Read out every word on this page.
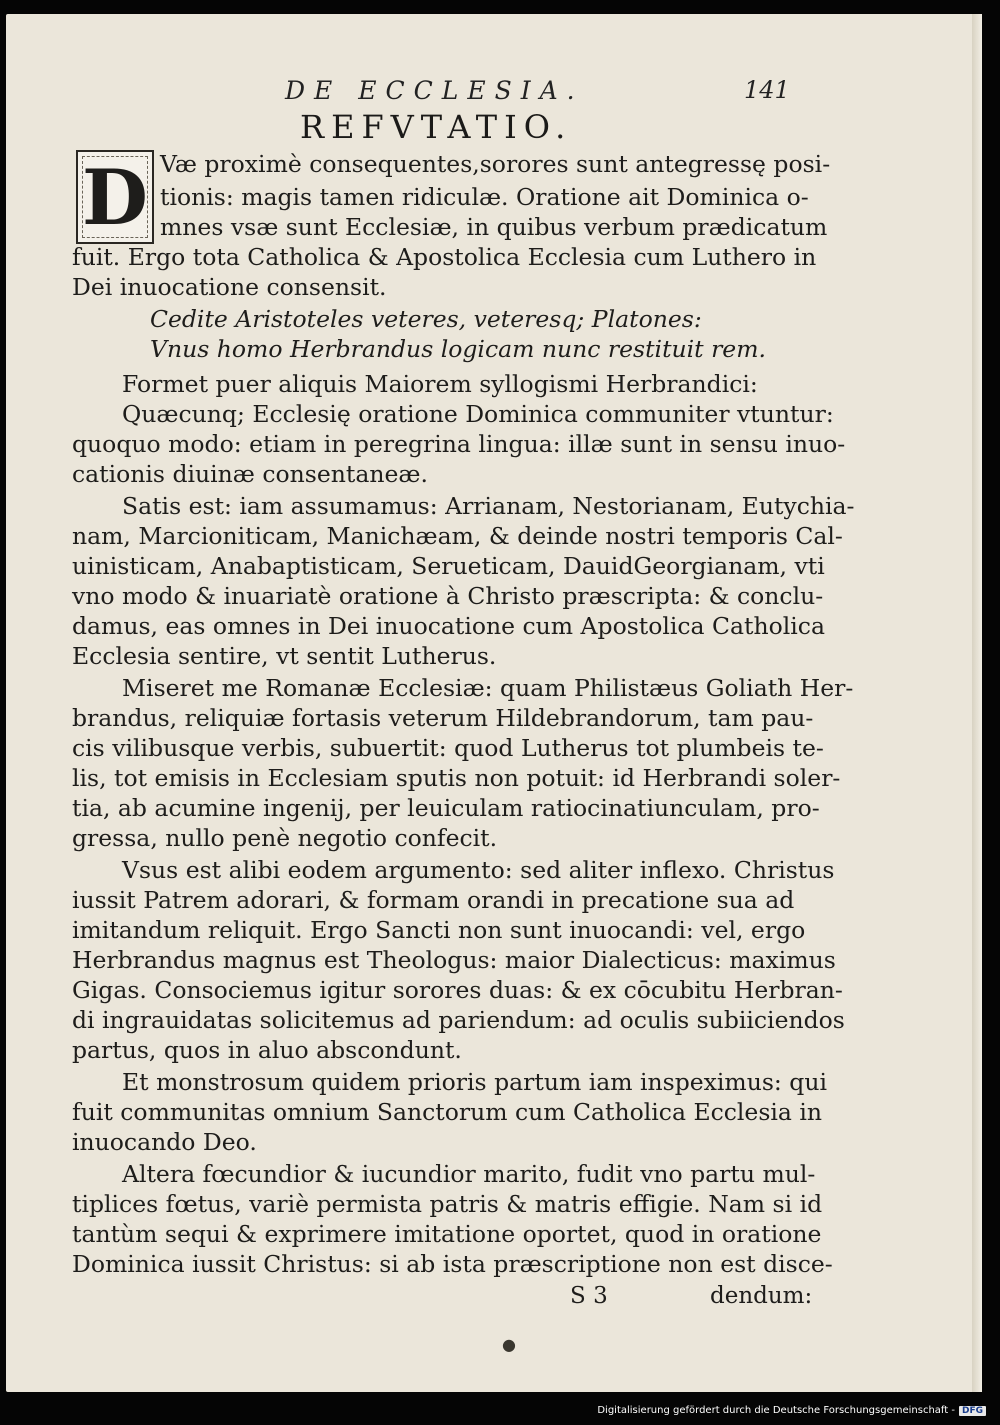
DE ECCLESIA.	141
REFVTATIO.
D Væ proximè consequentes,sorores sunt antegressę posi-
tionis: magis tamen ridiculæ. Oratione ait Dominica o-
mnes vsæ sunt Ecclesiæ, in quibus verbum prædicatum
fuit. Ergo tota Catholica & Apostolica Ecclesia cum Luthero in
Dei inuocatione consensit.
Cedite Aristoteles veteres, veteresq; Platones:
Vnus homo Herbrandus logicam nunc restituit rem.
Formet puer aliquis Maiorem syllogismi Herbrandici:
Quæcunq; Ecclesię oratione Dominica communiter vtuntur:
quoquo modo: etiam in peregrina lingua: illæ sunt in sensu inuo-
cationis diuinæ consentaneæ.
Satis est: iam assumamus: Arrianam, Nestorianam, Eutychia-
nam, Marcioniticam, Manichæam, & deinde nostri temporis Cal-
uinisticam, Anabaptisticam, Serueticam, DauidGeorgianam, vti
vno modo & inuariatè oratione à Christo præscripta: & conclu-
damus, eas omnes in Dei inuocatione cum Apostolica Catholica
Ecclesia sentire, vt sentit Lutherus.
Miseret me Romanæ Ecclesiæ: quam Philistæus Goliath Her-
brandus, reliquiæ fortasis veterum Hildebrandorum, tam pau-
cis vilibusque verbis, subuertit: quod Lutherus tot plumbeis te-
lis, tot emisis in Ecclesiam sputis non potuit: id Herbrandi soler-
tia, ab acumine ingenij, per leuiculam ratiocinatiunculam, pro-
gressa, nullo penè negotio confecit.
Vsus est alibi eodem argumento: sed aliter inflexo. Christus
iussit Patrem adorari, & formam orandi in precatione sua ad
imitandum reliquit. Ergo Sancti non sunt inuocandi: vel, ergo
Herbrandus magnus est Theologus: maior Dialecticus: maximus
Gigas. Consociemus igitur sorores duas: & ex cōcubitu Herbran-
di ingrauidatas solicitemus ad pariendum: ad oculis subiiciendos
partus, quos in aluo abscondunt.
Et monstrosum quidem prioris partum iam inspeximus: qui
fuit communitas omnium Sanctorum cum Catholica Ecclesia in
inuocando Deo.
Altera fœcundior & iucundior marito, fudit vno partu mul-
tiplices fœtus, variè permista patris & matris effigie. Nam si id
tantùm sequi & exprimere imitatione oportet, quod in oratione
Dominica iussit Christus: si ab ista præscriptione non est disce-
S 3	dendum:
●
Digitalisierung gefördert durch die Deutsche Forschungsgemeinschaft - DFG
